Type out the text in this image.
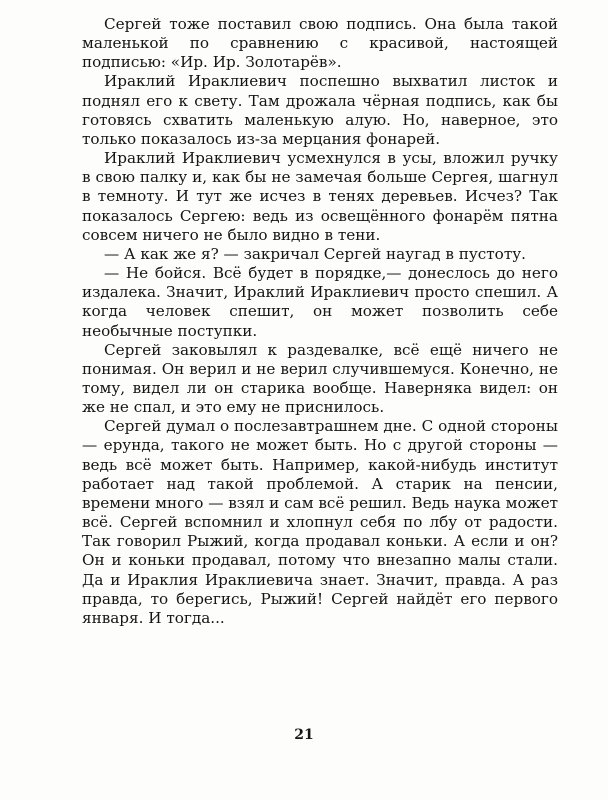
Сергей тоже поставил свою подпись. Она была такой маленькой по сравнению с красивой, настоящей подписью: «Ир. Ир. Золотарёв».

Ираклий Ираклиевич поспешно выхватил листок и поднял его к свету. Там дрожала чёрная подпись, как бы готовясь схватить маленькую алую. Но, наверное, это только показалось из-за мерцания фонарей.

Ираклий Ираклиевич усмехнулся в усы, вложил ручку в свою палку и, как бы не замечая больше Сергея, шагнул в темноту. И тут же исчез в тенях деревьев. Исчез? Так показалось Сергею: ведь из освещённого фонарём пятна совсем ничего не было видно в тени.

— А как же я? — закричал Сергей наугад в пустоту.

— Не бойся. Всё будет в порядке,— донеслось до него издалека. Значит, Ираклий Ираклиевич просто спешил. А когда человек спешит, он может позволить себе необычные поступки.

Сергей заковылял к раздевалке, всё ещё ничего не понимая. Он верил и не верил случившемуся. Конечно, не тому, видел ли он старика вообще. Наверняка видел: он же не спал, и это ему не приснилось.

Сергей думал о послезавтрашнем дне. С одной стороны — ерунда, такого не может быть. Но с другой стороны — ведь всё может быть. Например, какой-нибудь институт работает над такой проблемой. А старик на пенсии, времени много — взял и сам всё решил. Ведь наука может всё. Сергей вспомнил и хлопнул себя по лбу от радости. Так говорил Рыжий, когда продавал коньки. А если и он? Он и коньки продавал, потому что внезапно малы стали. Да и Ираклия Ираклиевича знает. Значит, правда. А раз правда, то берегись, Рыжий! Сергей найдёт его первого января. И тогда...

21
